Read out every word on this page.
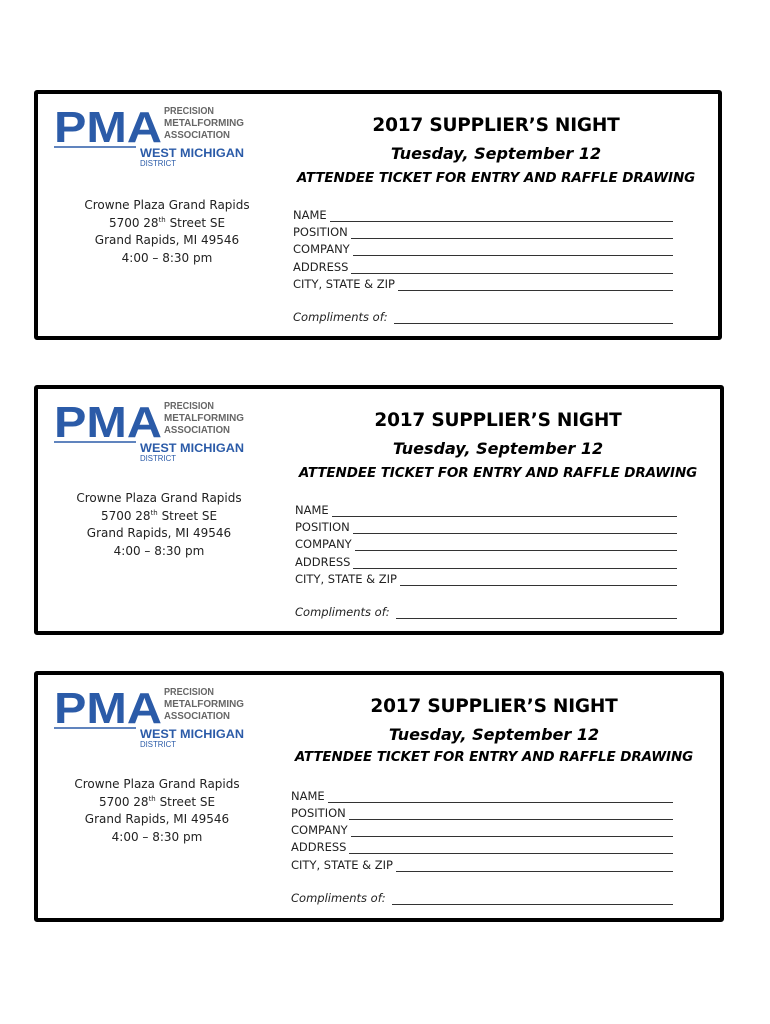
PMA PRECISION
METALFORMING
ASSOCIATION
WEST MICHIGAN
DISTRICT
2017 SUPPLIER’S NIGHT
Tuesday, September 12
ATTENDEE TICKET FOR ENTRY AND RAFFLE DRAWING
Crowne Plaza Grand Rapids
5700 28th Street SE
Grand Rapids, MI 49546
4:00 – 8:30 pm
NAME
POSITION
COMPANY
ADDRESS
CITY, STATE & ZIP
Compliments of:
PMA PRECISION
METALFORMING
ASSOCIATION
WEST MICHIGAN
DISTRICT
2017 SUPPLIER’S NIGHT
Tuesday, September 12
ATTENDEE TICKET FOR ENTRY AND RAFFLE DRAWING
Crowne Plaza Grand Rapids
5700 28th Street SE
Grand Rapids, MI 49546
4:00 – 8:30 pm
NAME
POSITION
COMPANY
ADDRESS
CITY, STATE & ZIP
Compliments of:
PMA PRECISION
METALFORMING
ASSOCIATION
WEST MICHIGAN
DISTRICT
2017 SUPPLIER’S NIGHT
Tuesday, September 12
ATTENDEE TICKET FOR ENTRY AND RAFFLE DRAWING
Crowne Plaza Grand Rapids
5700 28th Street SE
Grand Rapids, MI 49546
4:00 – 8:30 pm
NAME
POSITION
COMPANY
ADDRESS
CITY, STATE & ZIP
Compliments of:
